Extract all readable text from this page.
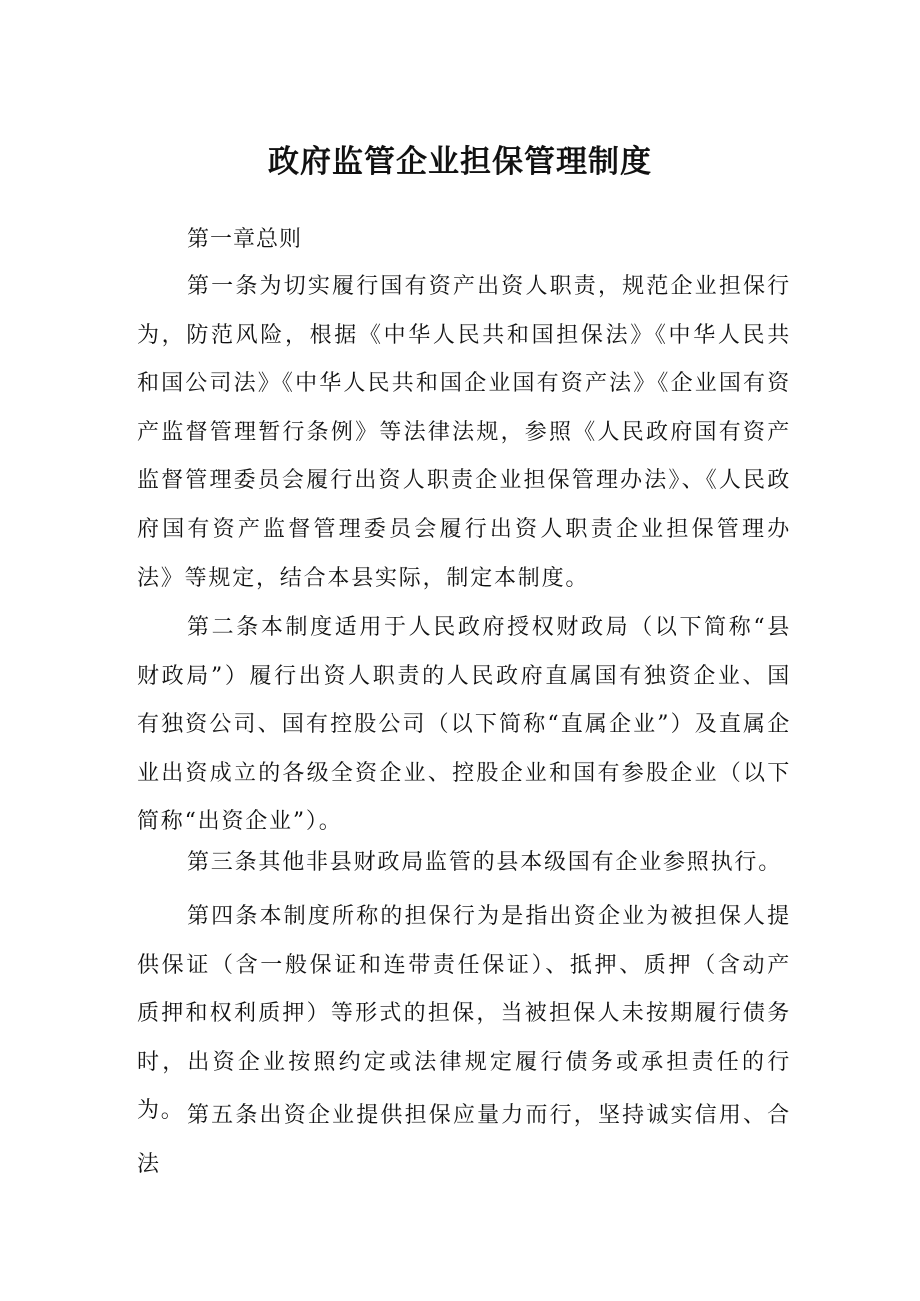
政府监管企业担保管理制度

第一章总则

第一条为切实履行国有资产出资人职责，规范企业担保行为，防范风险，根据《中华人民共和国担保法》《中华人民共和国公司法》《中华人民共和国企业国有资产法》《企业国有资产监督管理暂行条例》等法律法规，参照《人民政府国有资产监督管理委员会履行出资人职责企业担保管理办法》、《人民政府国有资产监督管理委员会履行出资人职责企业担保管理办法》等规定，结合本县实际，制定本制度。

第二条本制度适用于人民政府授权财政局（以下简称“县财政局”）履行出资人职责的人民政府直属国有独资企业、国有独资公司、国有控股公司（以下简称“直属企业”）及直属企业出资成立的各级全资企业、控股企业和国有参股企业（以下简称“出资企业”）。

第三条其他非县财政局监管的县本级国有企业参照执行。

第四条本制度所称的担保行为是指出资企业为被担保人提供保证（含一般保证和连带责任保证）、抵押、质押（含动产质押和权利质押）等形式的担保，当被担保人未按期履行债务时，出资企业按照约定或法律规定履行债务或承担责任的行为。 第五条出资企业提供担保应量力而行，坚持诚实信用、合法
